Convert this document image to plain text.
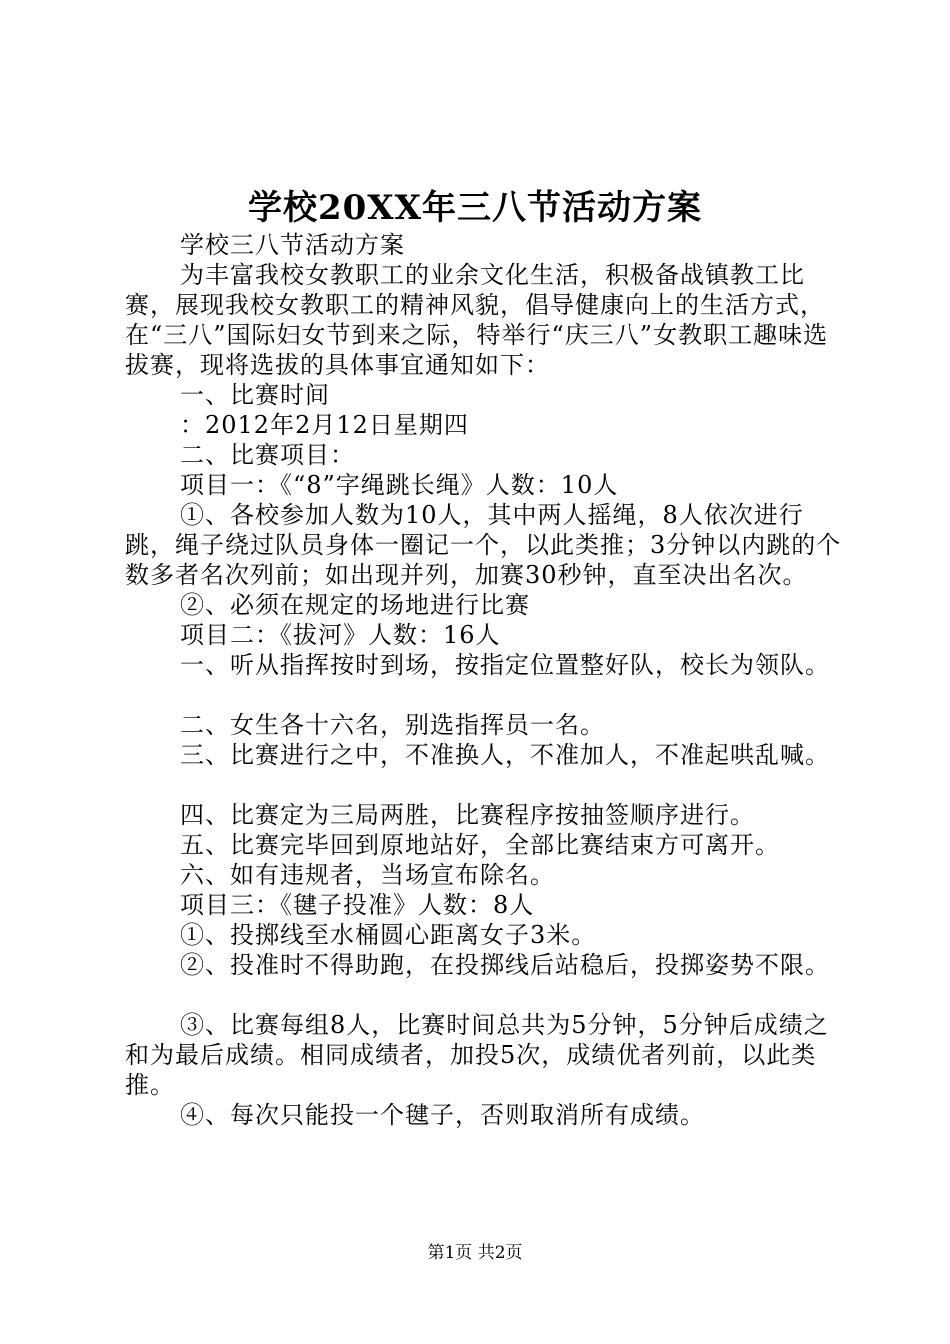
学校20XX年三八节活动方案
学校三八节活动方案
为丰富我校女教职工的业余文化生活，积极备战镇教工比赛，展现我校女教职工的精神风貌，倡导健康向上的生活方式，在“三八”国际妇女节到来之际，特举行“庆三八”女教职工趣味选拔赛，现将选拔的具体事宜通知如下：
一、比赛时间
：2012年2月12日星期四
二、比赛项目：
项目一：《“8”字绳跳长绳》人数：10人
①、各校参加人数为10人，其中两人摇绳，8人依次进行跳，绳子绕过队员身体一圈记一个，以此类推；3分钟以内跳的个数多者名次列前；如出现并列，加赛30秒钟，直至决出名次。
②、必须在规定的场地进行比赛
项目二：《拔河》人数：16人
一、听从指挥按时到场，按指定位置整好队，校长为领队。
二、女生各十六名，别选指挥员一名。
三、比赛进行之中，不准换人，不准加人，不准起哄乱喊。
四、比赛定为三局两胜，比赛程序按抽签顺序进行。
五、比赛完毕回到原地站好，全部比赛结束方可离开。
六、如有违规者，当场宣布除名。
项目三：《毽子投准》人数：8人
①、投掷线至水桶圆心距离女子3米。
②、投准时不得助跑，在投掷线后站稳后，投掷姿势不限。
③、比赛每组8人，比赛时间总共为5分钟，5分钟后成绩之和为最后成绩。相同成绩者，加投5次，成绩优者列前，以此类推。
④、每次只能投一个毽子，否则取消所有成绩。
第1页 共2页
